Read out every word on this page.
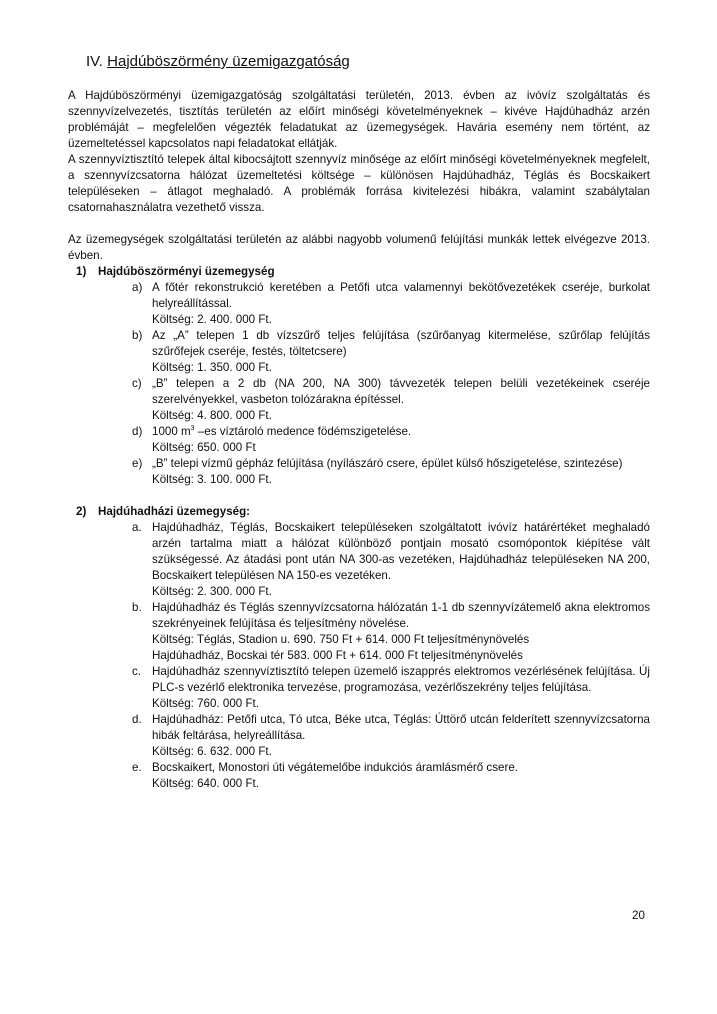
IV. Hajdúböszörmény üzemigazgatóság

A Hajdúböszörményi üzemigazgatóság szolgáltatási területén, 2013. évben az ivóvíz szolgáltatás és szennyvízelvezetés, tisztítás területén az előírt minőségi követelményeknek – kivéve Hajdúhadház arzén problémáját – megfelelően végezték feladatukat az üzemegységek. Havária esemény nem történt, az üzemeltetéssel kapcsolatos napi feladatokat ellátják.

A szennyvíztisztító telepek által kibocsájtott szennyvíz minősége az előírt minőségi követelményeknek megfelelt, a szennyvízcsatorna hálózat üzemeltetési költsége – különösen Hajdúhadház, Téglás és Bocskaikert településeken – átlagot meghaladó. A problémák forrása kivitelezési hibákra, valamint szabálytalan csatornahasználatra vezethető vissza.

Az üzemegységek szolgáltatási területén az alábbi nagyobb volumenű felújítási munkák lettek elvégezve 2013. évben.

1) Hajdúböszörményi üzemegység
a) A főtér rekonstrukció keretében a Petőfi utca valamennyi bekötővezetékek cseréje, burkolat helyreállítással.
Költség: 2. 400. 000 Ft.
b) Az „A” telepen 1 db vízszűrő teljes felújítása (szűrőanyag kitermelése, szűrőlap felújítás szűrőfejek cseréje, festés, töltetcsere)
Költség: 1. 350. 000 Ft.
c) „B” telepen a 2 db (NA 200, NA 300) távvezeték telepen belüli vezetékeinek cseréje szerelvényekkel, vasbeton tolózáraknа építéssel.
Költség: 4. 800. 000 Ft.
d) 1000 $m^3$ –es víztároló medence födémszigetelése.
Költség: 650. 000 Ft
e) „B” telepi vízmű gépház felújítása (nyílászáró csere, épület külső hőszigetelése, szintezése)
Költség: 3. 100. 000 Ft.
2) Hajdúhadházi üzemegység:
a. Hajdúhadház, Téglás, Bocskaikert településeken szolgáltatott ivóvíz határértéket meghaladó arzén tartalma miatt a hálózat különböző pontjain mosató csomópontok kiépítése vált szükségessé. Az átadási pont után NA 300-as vezetéken, Hajdúhadház településeken NA 200, Bocskaikert településen NA 150-es vezetéken.
Költség: 2. 300. 000 Ft.
b. Hajdúhadház és Téglás szennyvízcsatorna hálózatán 1-1 db szennyvízátemelő akna elektromos szekrényeinek felújítása és teljesítmény növelése.
Költség: Téglás, Stadion u. 690. 750 Ft + 614. 000 Ft teljesítménynövelés
Hajdúhadház, Bocskai tér 583. 000 Ft + 614. 000 Ft teljesítménynövelés
c. Hajdúhadház szennyvíztisztító telepen üzemelő iszapprés elektromos vezérlésének felújítása. Új PLC-s vezérlő elektronika tervezése, programozása, vezérlőszekrény teljes felújítása.
Költség: 760. 000 Ft.
d. Hajdúhadház: Petőfi utca, Tó utca, Béke utca, Téglás: Úttörő utcán felderített szennyvízcsatorna hibák feltárása, helyreállítása.
Költség: 6. 632. 000 Ft.
e. Bocskaikert, Monostori úti végátemelőbe indukciós áramlásmérő csere.
Költség: 640. 000 Ft.
20
